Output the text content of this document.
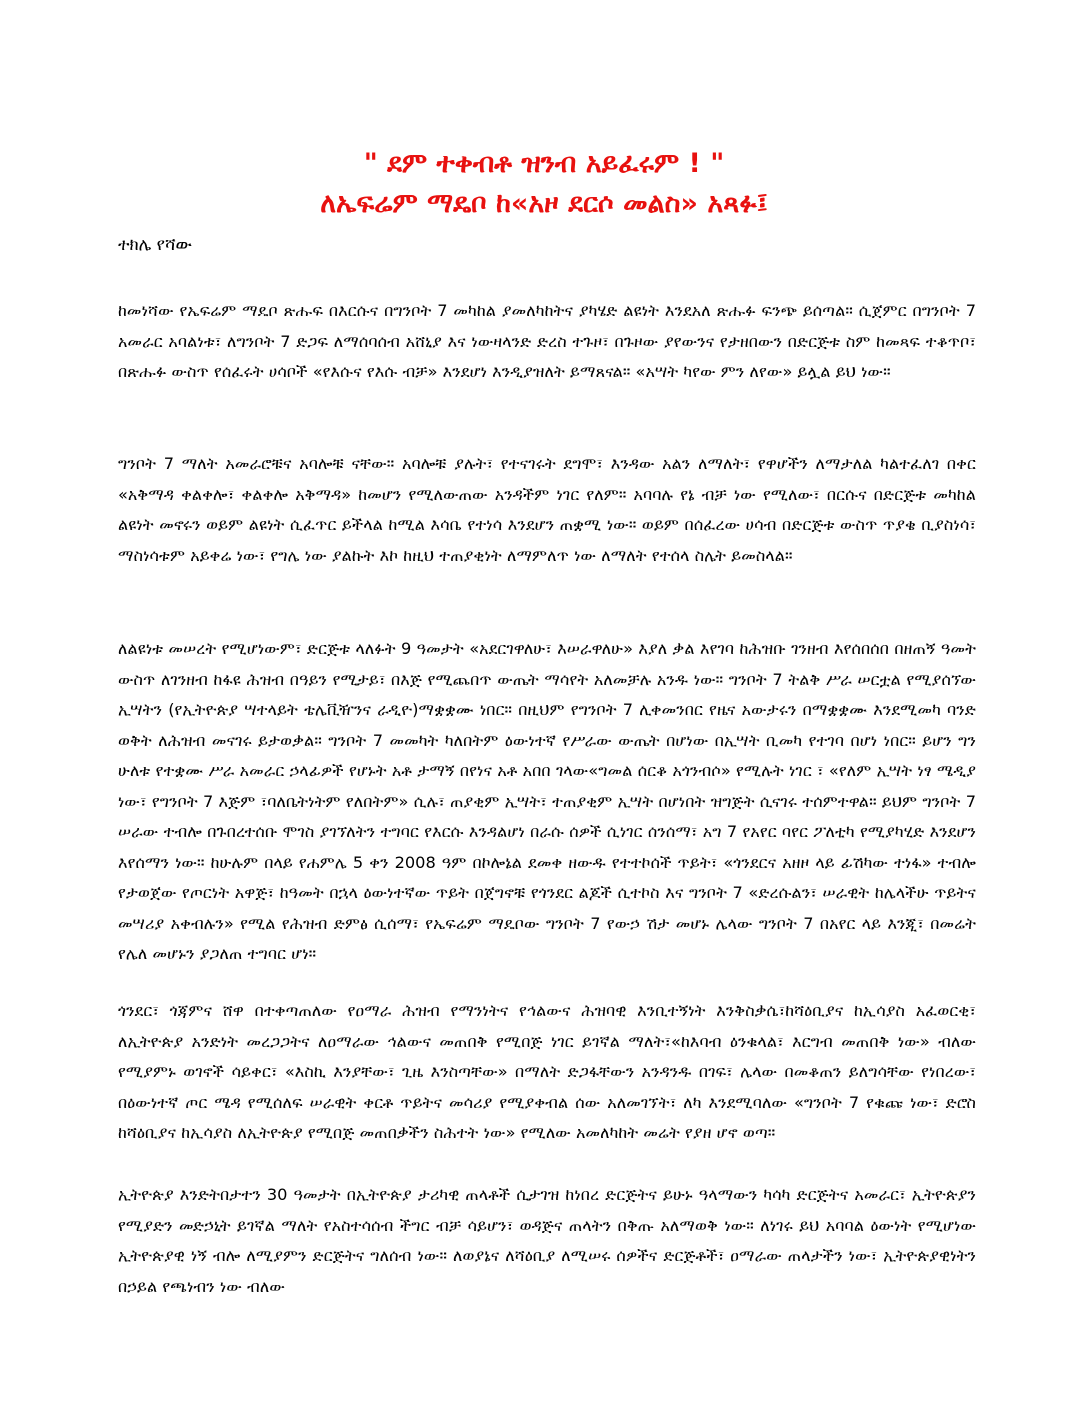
" ደም ተቀብቶ ዝንብ አይፈሩም ! "
ለኤፍሬም ማዴቦ ከ«አዞ ደርሶ መልስ» አጻፉ፤
ተክሌ የሻው

ከመነሻው የኤፍሬም ማዴቦ ጽሑፍ በእርሱና በግንቦት 7 መካከል ያመለካከትና ያካሄድ ልዩነት እንደአለ ጽሑፉ ፍንጭ ይሰጣል። ሲጀምር በግንቦት 7 አመራር አባልነቱ፣ ለግንቦት 7 ድጋፍ ለማሰባሰብ አሸኒያ እና ነውዛላንድ ድረስ ተጉዞ፣ በጉዞው ያየውንና የታዘበውን በድርጅቱ ስም ከመጻፍ ተቆጥቦ፣ በጽሑፉ ውስጥ የሰፈሩት ሀሳቦች «የእሱና የእሱ ብቻ» እንደሆነ እንዲያዝለት ይማጸናል። «አሣት ካየው ምን ለየው» ይሏል ይህ ነው።

ግንቦት 7 ማለት አመራሮቹና አባሎቹ ናቸው። አባሎቹ ያሉት፣ የተናገሩት ደግሞ፣ እንዳው አልን ለማለት፣ የዋሆችን ለማታለል ካልተፈለገ በቀር «አቅማዳ ቀልቀሎ፣ ቀልቀሎ አቅማዳ» ከመሆን የሚለውጠው አንዳችም ነገር የለም። አባባሉ የኔ ብቻ ነው የሚለው፣ በርሱና በድርጅቱ መካከል ልዩነት መኖሩን ወይም ልዩነት ሲፈጥር ይችላል ከሚል እሳቤ የተነሳ እንደሆን ጠቋሚ ነው። ወይም በሰፈረው ሀሳብ በድርጅቱ ውስጥ ጥያቄ ቢያስነሳ፣ ማስነሳቱም አይቀሬ ነው፣ የግሌ ነው ያልኩት እኮ ከዚህ ተጠያቂነት ለማምለጥ ነው ለማለት የተሰላ ስሌት ይመስላል።

ለልዩነቱ መሠረት የሚሆነውም፣ ድርጅቱ ላለፉት 9 ዓመታት «አደርገዋለሁ፣ እሠራዋለሁ» እያለ ቃል እየገባ ከሕዝቡ ገንዘብ እየሰበሰበ በዘጠኝ ዓመት ውስጥ ለገንዘብ ከፋዩ ሕዝብ በዓይን የሚታይ፣ በእጅ የሚጨበጥ ውጤት ማሳየት አለመቻሉ አንዱ ነው። ግንቦት 7 ትልቅ ሥራ ሠርቷል የሚያሰኘው ኢሣትን (የኢትዮጵያ ሣተላይት ቴሌቪዥንና ራዲዮ)ማቋቋሙ ነበር። በዚህም የግንቦት 7 ሊቀመንበር የዜና አውታሩን በማቋቋሙ እንደሚመካ ባንድ ወቅት ለሕዝብ መናገሩ ይታወቃል። ግንቦት 7 መመካት ካለበትም ዕውነተኛ የሥራው ውጤት በሆነው በኢሣት ቢመካ የተገባ በሆነ ነበር። ይሆን ግን ሁለቱ የተቋሙ ሥራ አመራር ኃላፊዎች የሆኑት አቶ ታማኝ በየነና አቶ አበበ ገላው«ግመል ሰርቆ አጎንብሶ» የሚሉት ነገር ፣ «የለም ኢሣት ነፃ ሜዲያ ነው፣ የግንቦት 7 እጅም ፣ባለቤትነትም የለበትም» ሲሉ፣ ጠያቂም ኢሣት፣ ተጠያቂም ኢሣት በሆነበት ዝግጅት ሲናገሩ ተሰምተዋል። ይህም ግንቦት 7 ሠራው ተብሎ በጉበረተሰቡ ሞገስ ያገኘለትን ተግባር የእርሱ እንዳልሆነ በራሱ ሰዎች ሲነገር ሰንሰማ፣ አግ 7 የአየር ባየር ፖለቲካ የሚያካሂድ እንደሆን እየሰማን ነው። ከሁሉም በላይ የሐምሌ 5 ቀን 2008 ዓም በኮሎኔል ደመቀ ዘውዱ የተተኮሰች ጥይት፣ «ጎንደርና አዘዞ ላይ ፊሽካው ተነፋ» ተብሎ የታወጀው የጦርነት አዋጅ፣ ከዓመት በኋላ ዕውነተኛው ጥይት በጀግኖቹ የጎንደር ልጆች ሲተኮስ እና ግንቦት 7 «ድረሱልን፣ ሠራዊት ከሌላችሁ ጥይትና መሣሪያ አቀብሉን» የሚል የሕዝብ ድምፅ ሲሰማ፣ የኤፍሬም ማዴቦው ግንቦት 7 የውኃ ሽታ መሆኑ ሌላው ግንቦት 7 በአየር ላይ እንጂ፣ በመሬት የሌለ መሆኑን ያጋለጠ ተግባር ሆነ።

ጎንደር፣ ጎጃምና ሸዋ በተቀጣጠለው የዐማራ ሕዝብ የማንነትና የኅልውና ሕዝባዊ እንቢተኝነት እንቅስቃሴ፣ከሻዕቢያና ከኢሳያስ አፈወርቂ፣ ለኢትዮጵያ አንድነት መረጋጋትና ለዐማራው ኅልውና መጠበቅ የሚበጅ ነገር ይገኛል ማለት፣«ከእባብ ዕንቁላል፣ እርግብ መጠበቅ ነው» ብለው የሚያምኑ ወገኖች ሳይቀር፣ «እስኪ እንያቸው፣ ጊዜ እንስጣቸው» በማለት ድጋፋቸውን አንዳንዱ በገፍ፣ ሌላው በመቆጠን ይለግሳቸው የነበረው፣ በዕውነተኛ ጦር ሜዳ የሚሰለፍ ሠራዊት ቀርቶ ጥይትና መሳሪያ የሚያቀብል ሰው አለመገኘት፣ ለካ እንደሚባለው «ግንቦት 7 የቁጩ ነው፣ ድሮስ ከሻዕቢያና ከኢሳያስ ለኢትዮጵያ የሚበጅ መጠበቃችን ስሕተት ነው» የሚለው አመለካከት መሬት የያዘ ሆኖ ወጣ።

ኢትዮጵያ እንድትበታተን 30 ዓመታት በኢትዮጵያ ታሪካዊ ጠላቶች ሲታገዝ ከነበረ ድርጅትና ይሁኑ ዓላማውን ካሳካ ድርጅትና አመራር፣ ኢትዮጵያን የሚያድን መድኃኒት ይገኛል ማለት የአስተሳሰብ ችግር ብቻ ሳይሆን፣ ወዳጅና ጠላትን በቅጡ አለማወቅ ነው። ለነገሩ ይህ አባባል ዕውነት የሚሆነው ኢትዮጵያዊ ነኝ ብሎ ለሚያምን ድርጅትና ግለሰብ ነው። ለወያኔና ለሻዕቢያ ለሚሠሩ ሰዎችና ድርጅቶች፣ ዐማራው ጠላታችን ነው፣ ኢትዮጵያዊነትን በኃይል የጫነብን ነው ብለው
